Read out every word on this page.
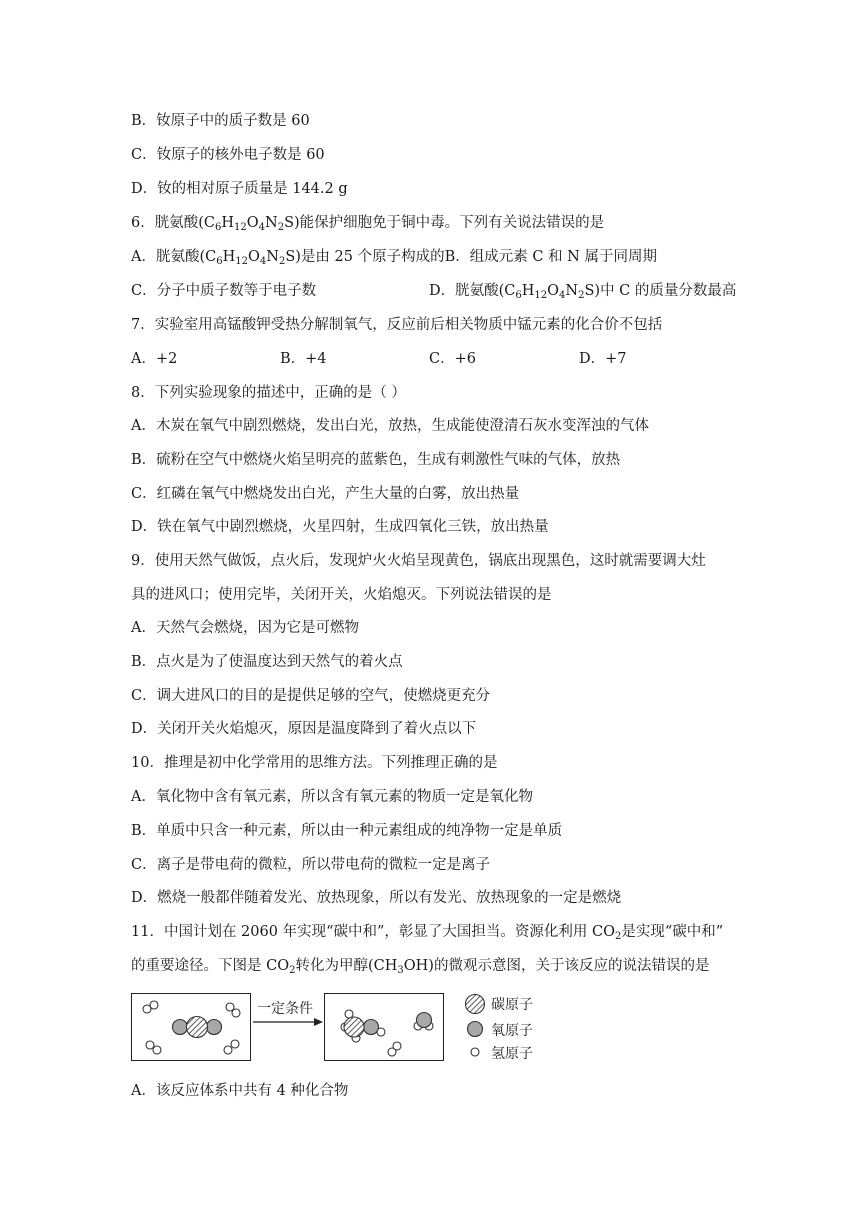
B．钕原子中的质子数是 60
C．钕原子的核外电子数是 60
D．钕的相对原子质量是 144.2 g
6．胱氨酸$(C_6H_{12}O_4N_2S)$能保护细胞免于铜中毒。下列有关说法错误的是
A．胱氨酸$(C_6H_{12}O_4N_2S)$是由 25 个原子构成的B．组成元素 C 和 N 属于同周期
C．分子中质子数等于电子数	D．胱氨酸$(C_6H_{12}O_4N_2S)$中 C 的质量分数最高
7．实验室用高锰酸钾受热分解制氧气，反应前后相关物质中锰元素的化合价不包括
A．+2	B．+4	C．+6	D．+7
8．下列实验现象的描述中，正确的是（ ）
A．木炭在氧气中剧烈燃烧，发出白光，放热，生成能使澄清石灰水变浑浊的气体
B．硫粉在空气中燃烧火焰呈明亮的蓝紫色，生成有刺激性气味的气体，放热
C．红磷在氧气中燃烧发出白光，产生大量的白雾，放出热量
D．铁在氧气中剧烈燃烧，火星四射，生成四氧化三铁，放出热量
9．使用天然气做饭，点火后，发现炉火火焰呈现黄色，锅底出现黑色，这时就需要调大灶
具的进风口；使用完毕，关闭开关，火焰熄灭。下列说法错误的是
A．天然气会燃烧，因为它是可燃物
B．点火是为了使温度达到天然气的着火点
C．调大进风口的目的是提供足够的空气，使燃烧更充分
D．关闭开关火焰熄灭，原因是温度降到了着火点以下
10．推理是初中化学常用的思维方法。下列推理正确的是
A．氧化物中含有氧元素，所以含有氧元素的物质一定是氧化物
B．单质中只含一种元素，所以由一种元素组成的纯净物一定是单质
C．离子是带电荷的微粒，所以带电荷的微粒一定是离子
D．燃烧一般都伴随着发光、放热现象，所以有发光、放热现象的一定是燃烧
11．中国计划在 2060 年实现“碳中和”，彰显了大国担当。资源化利用 $CO_2$是实现“碳中和”
的重要途径。下图是 $CO_2$转化为甲醇$(CH_3OH)$的微观示意图，关于该反应的说法错误的是
一定条件	碳原子
氧原子
氢原子
A．该反应体系中共有 4 种化合物
